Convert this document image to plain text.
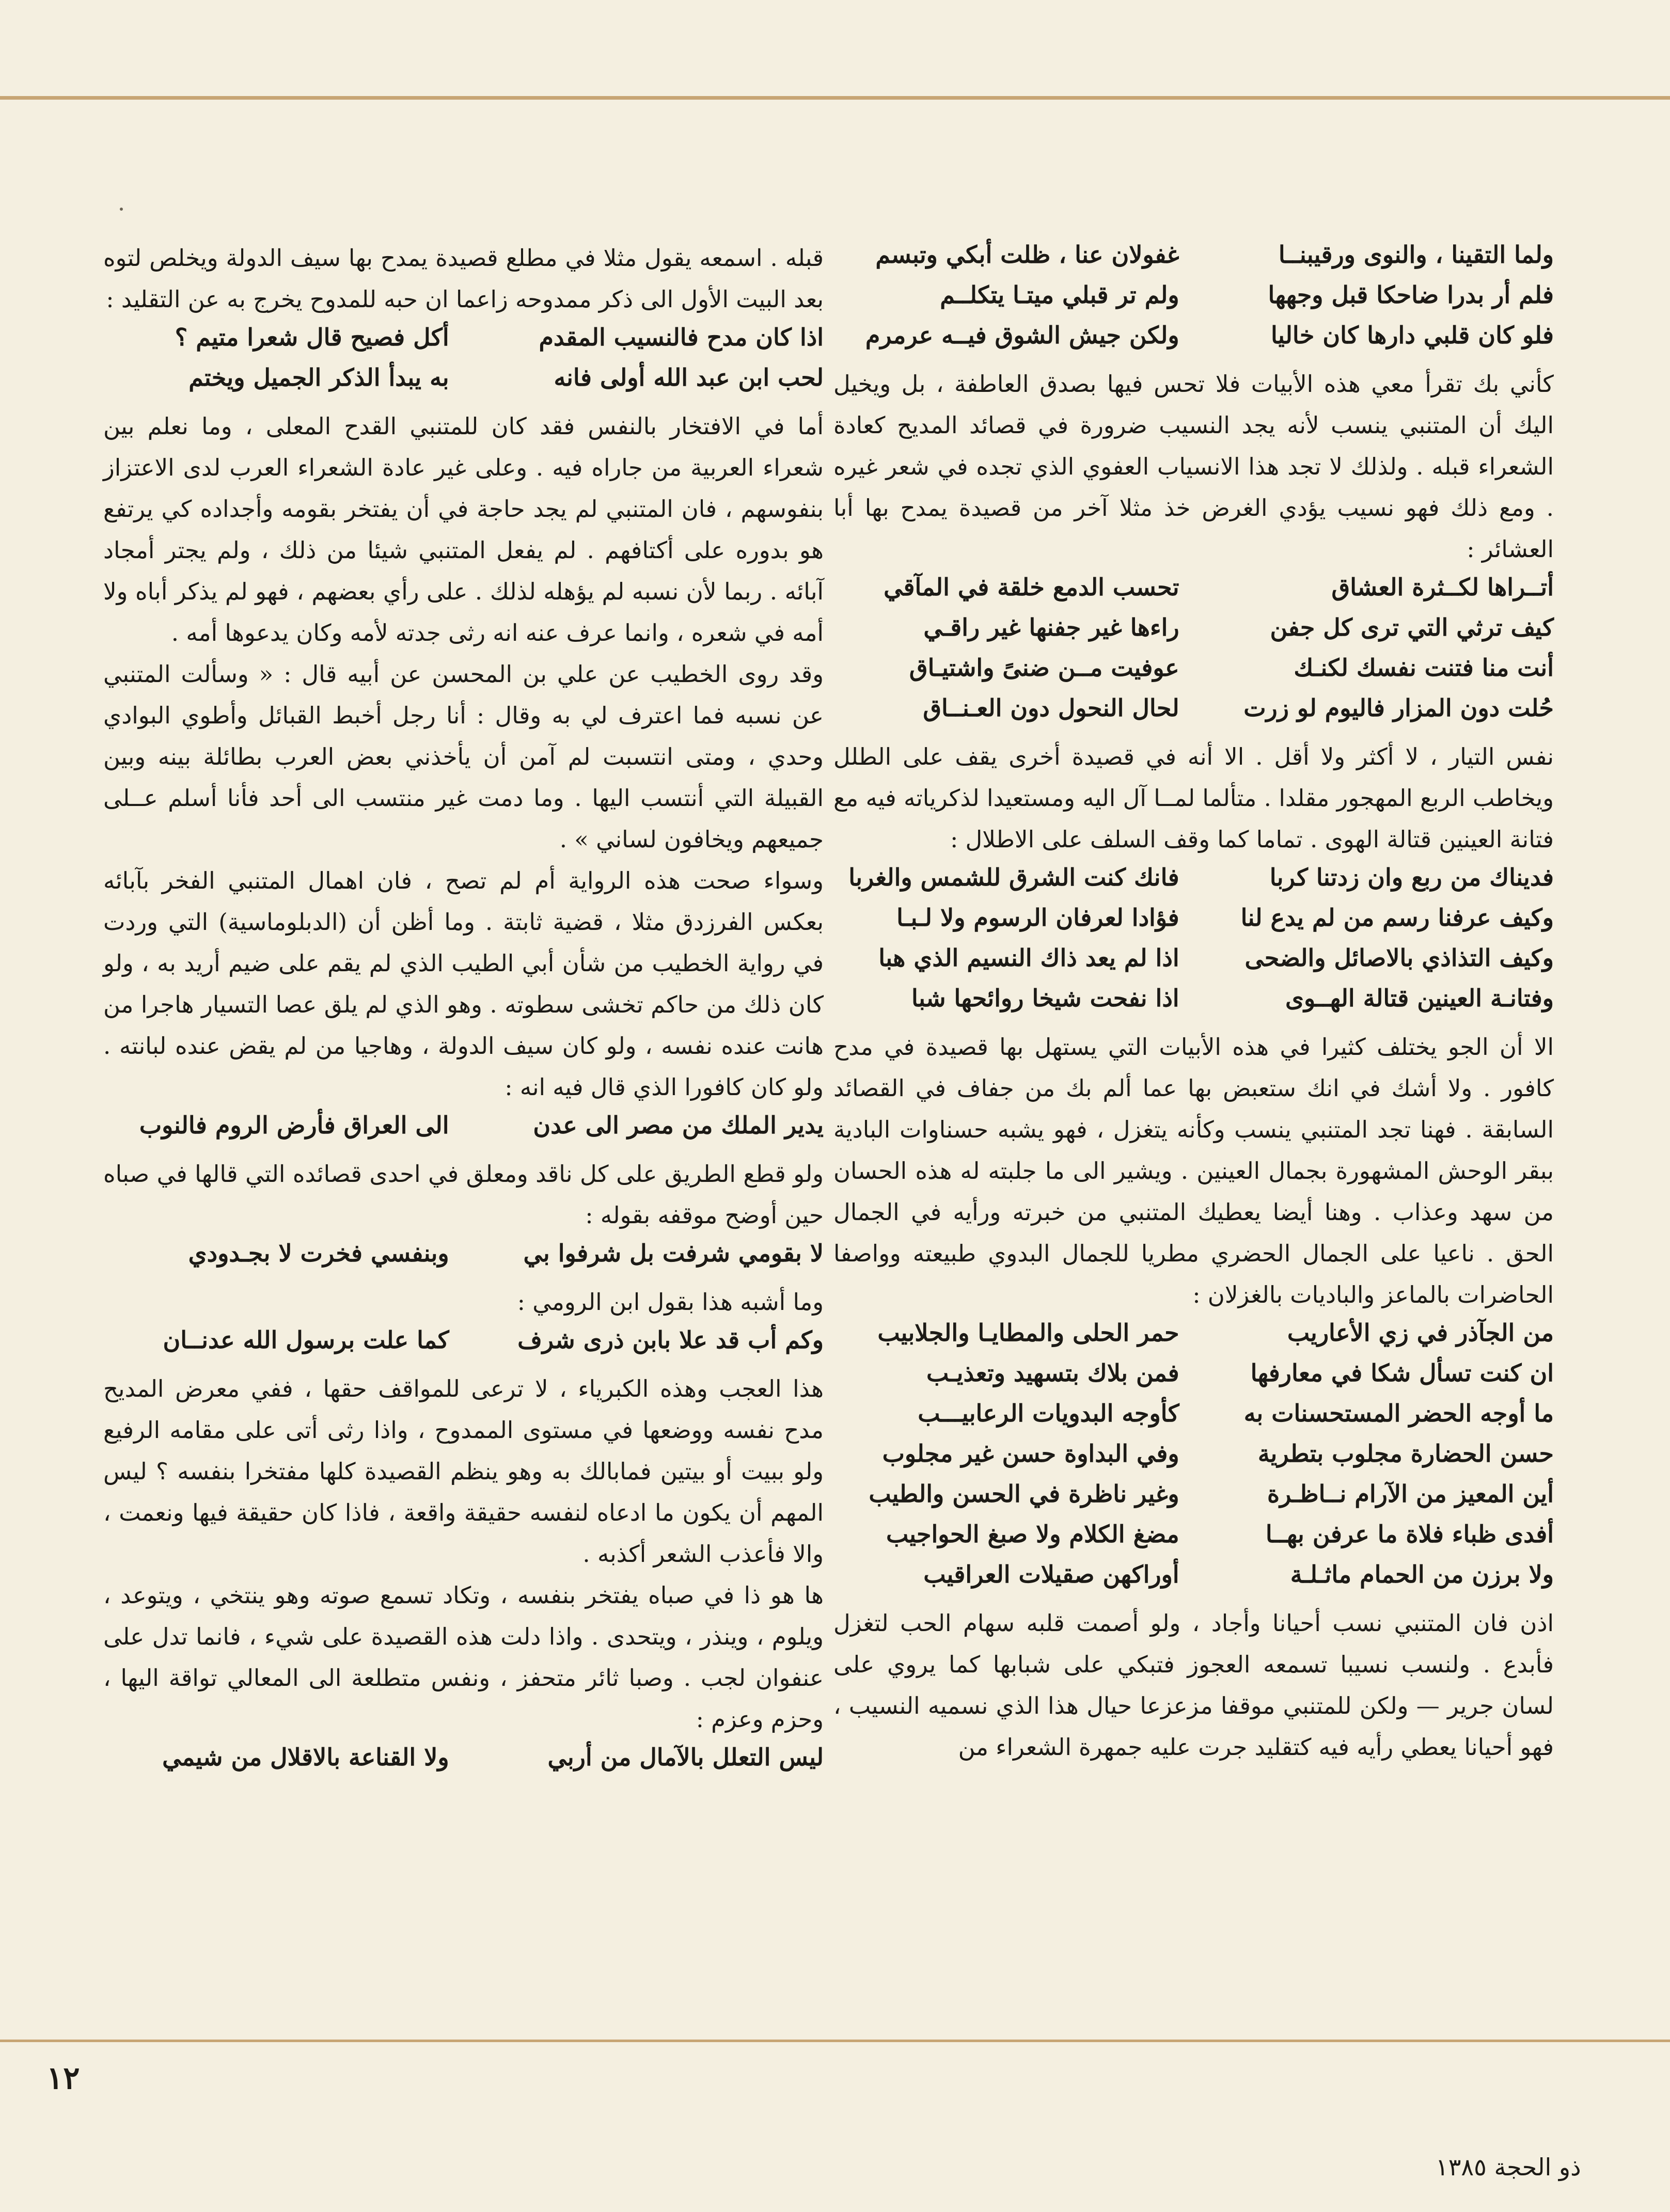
ولما التقينا ، والنوى ورقيبنــا
غفولان عنا ، ظلت أبكي وتبسم
فلم أر بدرا ضاحكا قبل وجهها
ولم تر قبلي ميتـا يتكلــم
فلو كان قلبي دارها كان خاليا
ولكن جيش الشوق فيــه عرمرم

كأني بك تقرأ معي هذه الأبيات فلا تحس فيها بصدق العاطفة ، بل ويخيل اليك أن المتنبي ينسب لأنه يجد النسيب ضرورة في قصائد المديح كعادة الشعراء قبله . ولذلك لا تجد هذا الانسياب العفوي الذي تجده في شعر غيره . ومع ذلك فهو نسيب يؤدي الغرض خذ مثلا آخر من قصيدة يمدح بها أبا العشائر :

أتــراها لكــثرة العشاق
تحسب الدمع خلقة في المآقي
كيف ترثي التي ترى كل جفن
راءها غير جفنها غير راقـي
أنت منا فتنت نفسك لكنـك
عوفيت مــن ضنىً واشتيـاق
حُلت دون المزار فاليوم لو زرت
لحال النحول دون العـنــاق

نفس التيار ، لا أكثر ولا أقل . الا أنه في قصيدة أخرى يقف على الطلل ويخاطب الربع المهجور مقلدا . متألما لمــا آل اليه ومستعيدا لذكرياته فيه مع فتانة العينين قتالة الهوى . تماما كما وقف السلف على الاطلال :

فديناك من ربع وان زدتنا كربا
فانك كنت الشرق للشمس والغربا
وكيف عرفنا رسم من لم يدع لنا
فؤادا لعرفان الرسوم ولا لـبـا
وكيف التذاذي بالاصائل والضحى
اذا لم يعد ذاك النسيم الذي هبا
وفتانـة العينين قتالة الهــوى
اذا نفحت شيخا روائحها شبا

الا أن الجو يختلف كثيرا في هذه الأبيات التي يستهل بها قصيدة في مدح كافور . ولا أشك في انك ستعبض بها عما ألم بك من جفاف في القصائد السابقة . فهنا تجد المتنبي ينسب وكأنه يتغزل ، فهو يشبه حسناوات البادية ببقر الوحش المشهورة بجمال العينين . ويشير الى ما جلبته له هذه الحسان من سهد وعذاب . وهنا أيضا يعطيك المتنبي من خبرته ورأيه في الجمال الحق . ناعيا على الجمال الحضري مطريا للجمال البدوي طبيعته وواصفا الحاضرات بالماعز والباديات بالغزلان :

من الجآذر في زي الأعاريب
حمر الحلى والمطايـا والجلابيب
ان كنت تسأل شكا في معارفها
فمن بلاك بتسهيد وتعذيـب
ما أوجه الحضر المستحسنات به
كأوجه البدويات الرعابيـــب
حسن الحضارة مجلوب بتطرية
وفي البداوة حسن غير مجلوب
أين المعيز من الآرام نــاظـرة
وغير ناظرة في الحسن والطيب
أفدى ظباء فلاة ما عرفن بهــا
مضغ الكلام ولا صبغ الحواجيب
ولا برزن من الحمام ماثـلـة
أوراكهن صقيلات العراقيب

اذن فان المتنبي نسب أحيانا وأجاد ، ولو أصمت قلبه سهام الحب لتغزل فأبدع . ولنسب نسيبا تسمعه العجوز فتبكي على شبابها كما يروي على لسان جرير — ولكن للمتنبي موقفا مزعزعا حيال هذا الذي نسميه النسيب ، فهو أحيانا يعطي رأيه فيه كتقليد جرت عليه جمهرة الشعراء من

قبله . اسمعه يقول مثلا في مطلع قصيدة يمدح بها سيف الدولة ويخلص لتوه بعد البيت الأول الى ذكر ممدوحه زاعما ان حبه للمدوح يخرج به عن التقليد :

اذا كان مدح فالنسيب المقدم
أكل فصيح قال شعرا متيم ؟
لحب ابن عبد الله أولى فانه
به يبدأ الذكر الجميل ويختم

أما في الافتخار بالنفس فقد كان للمتنبي القدح المعلى ، وما نعلم بين شعراء العربية من جاراه فيه . وعلى غير عادة الشعراء العرب لدى الاعتزاز بنفوسهم ، فان المتنبي لم يجد حاجة في أن يفتخر بقومه وأجداده كي يرتفع هو بدوره على أكتافهم . لم يفعل المتنبي شيئا من ذلك ، ولم يجتر أمجاد آبائه . ربما لأن نسبه لم يؤهله لذلك . على رأي بعضهم ، فهو لم يذكر أباه ولا أمه في شعره ، وانما عرف عنه انه رثى جدته لأمه وكان يدعوها أمه .

وقد روى الخطيب عن علي بن المحسن عن أبيه قال : « وسألت المتنبي عن نسبه فما اعترف لي به وقال : أنا رجل أخبط القبائل وأطوي البوادي وحدي ، ومتى انتسبت لم آمن أن يأخذني بعض العرب بطائلة بينه وبين القبيلة التي أنتسب اليها . وما دمت غير منتسب الى أحد فأنا أسلم عــلى جميعهم ويخافون لساني » .

وسواء صحت هذه الرواية أم لم تصح ، فان اهمال المتنبي الفخر بآبائه بعكس الفرزدق مثلا ، قضية ثابتة . وما أظن أن (الدبلوماسية) التي وردت في رواية الخطيب من شأن أبي الطيب الذي لم يقم على ضيم أريد به ، ولو كان ذلك من حاكم تخشى سطوته . وهو الذي لم يلق عصا التسيار هاجرا من هانت عنده نفسه ، ولو كان سيف الدولة ، وهاجيا من لم يقض عنده لبانته . ولو كان كافورا الذي قال فيه انه :

يدير الملك من مصر الى عدن
الى العراق فأرض الروم فالنوب

ولو قطع الطريق على كل ناقد ومعلق في احدى قصائده التي قالها في صباه حين أوضح موقفه بقوله :

لا بقومي شرفت بل شرفوا بي
وبنفسي فخرت لا بجـدودي

وما أشبه هذا بقول ابن الرومي :

وكم أب قد علا بابن ذرى شرف
كما علت برسول الله عدنــان

هذا العجب وهذه الكبرياء ، لا ترعى للمواقف حقها ، ففي معرض المديح مدح نفسه ووضعها في مستوى الممدوح ، واذا رثى أتى على مقامه الرفيع ولو ببيت أو بيتين فمابالك به وهو ينظم القصيدة كلها مفتخرا بنفسه ؟ ليس المهم أن يكون ما ادعاه لنفسه حقيقة واقعة ، فاذا كان حقيقة فيها ونعمت ، والا فأعذب الشعر أكذبه .

ها هو ذا في صباه يفتخر بنفسه ، وتكاد تسمع صوته وهو ينتخي ، ويتوعد ، ويلوم ، وينذر ، ويتحدى . واذا دلت هذه القصيدة على شيء ، فانما تدل على عنفوان لجب . وصبا ثائر متحفز ، ونفس متطلعة الى المعالي تواقة اليها ، وحزم وعزم :

ليس التعلل بالآمال من أربي
ولا القناعة بالاقلال من شيمي
١٢
ذو الحجة ١٣٨٥
